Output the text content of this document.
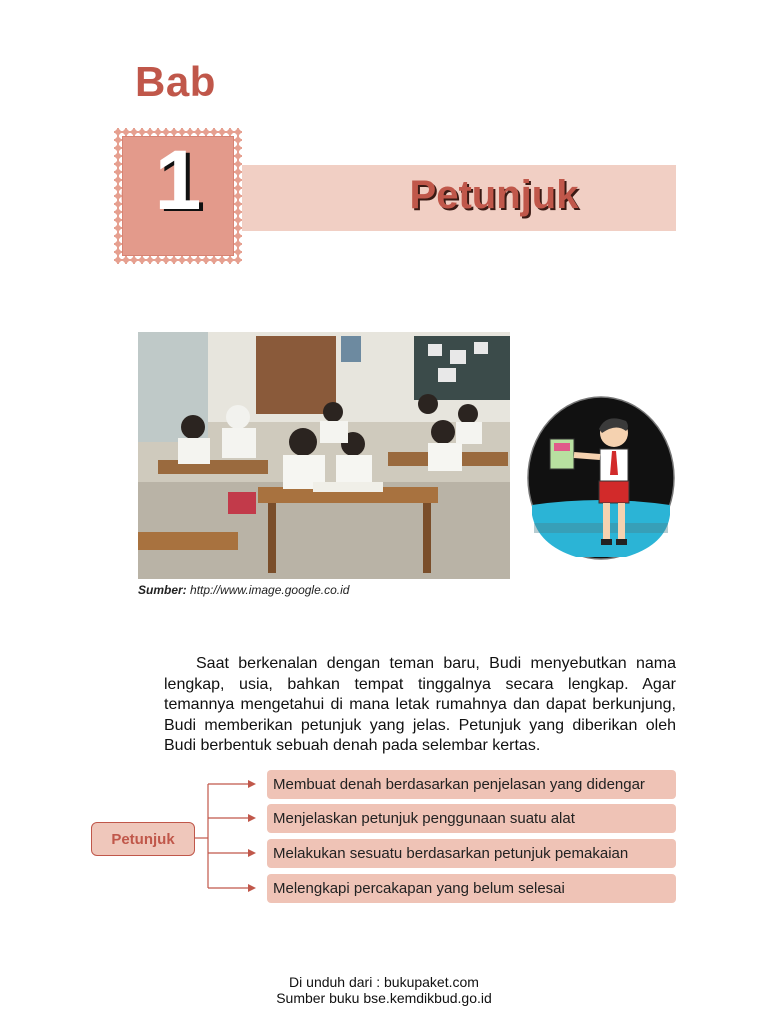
Bab
1	Petunjuk
Sumber: http://www.image.google.co.id

Saat berkenalan dengan teman baru, Budi menyebutkan nama lengkap, usia, bahkan tempat tinggalnya secara lengkap. Agar temannya mengetahui di mana letak rumahnya dan dapat berkunjung, Budi memberikan petunjuk yang jelas. Petunjuk yang diberikan oleh Budi berbentuk sebuah denah pada selembar kertas.

Petunjuk
Membuat denah berdasarkan penjelasan yang didengar
Menjelaskan petunjuk penggunaan suatu alat
Melakukan sesuatu berdasarkan petunjuk pemakaian
Melengkapi percakapan yang belum selesai
Di unduh dari : bukupaket.com
Sumber buku bse.kemdikbud.go.id
